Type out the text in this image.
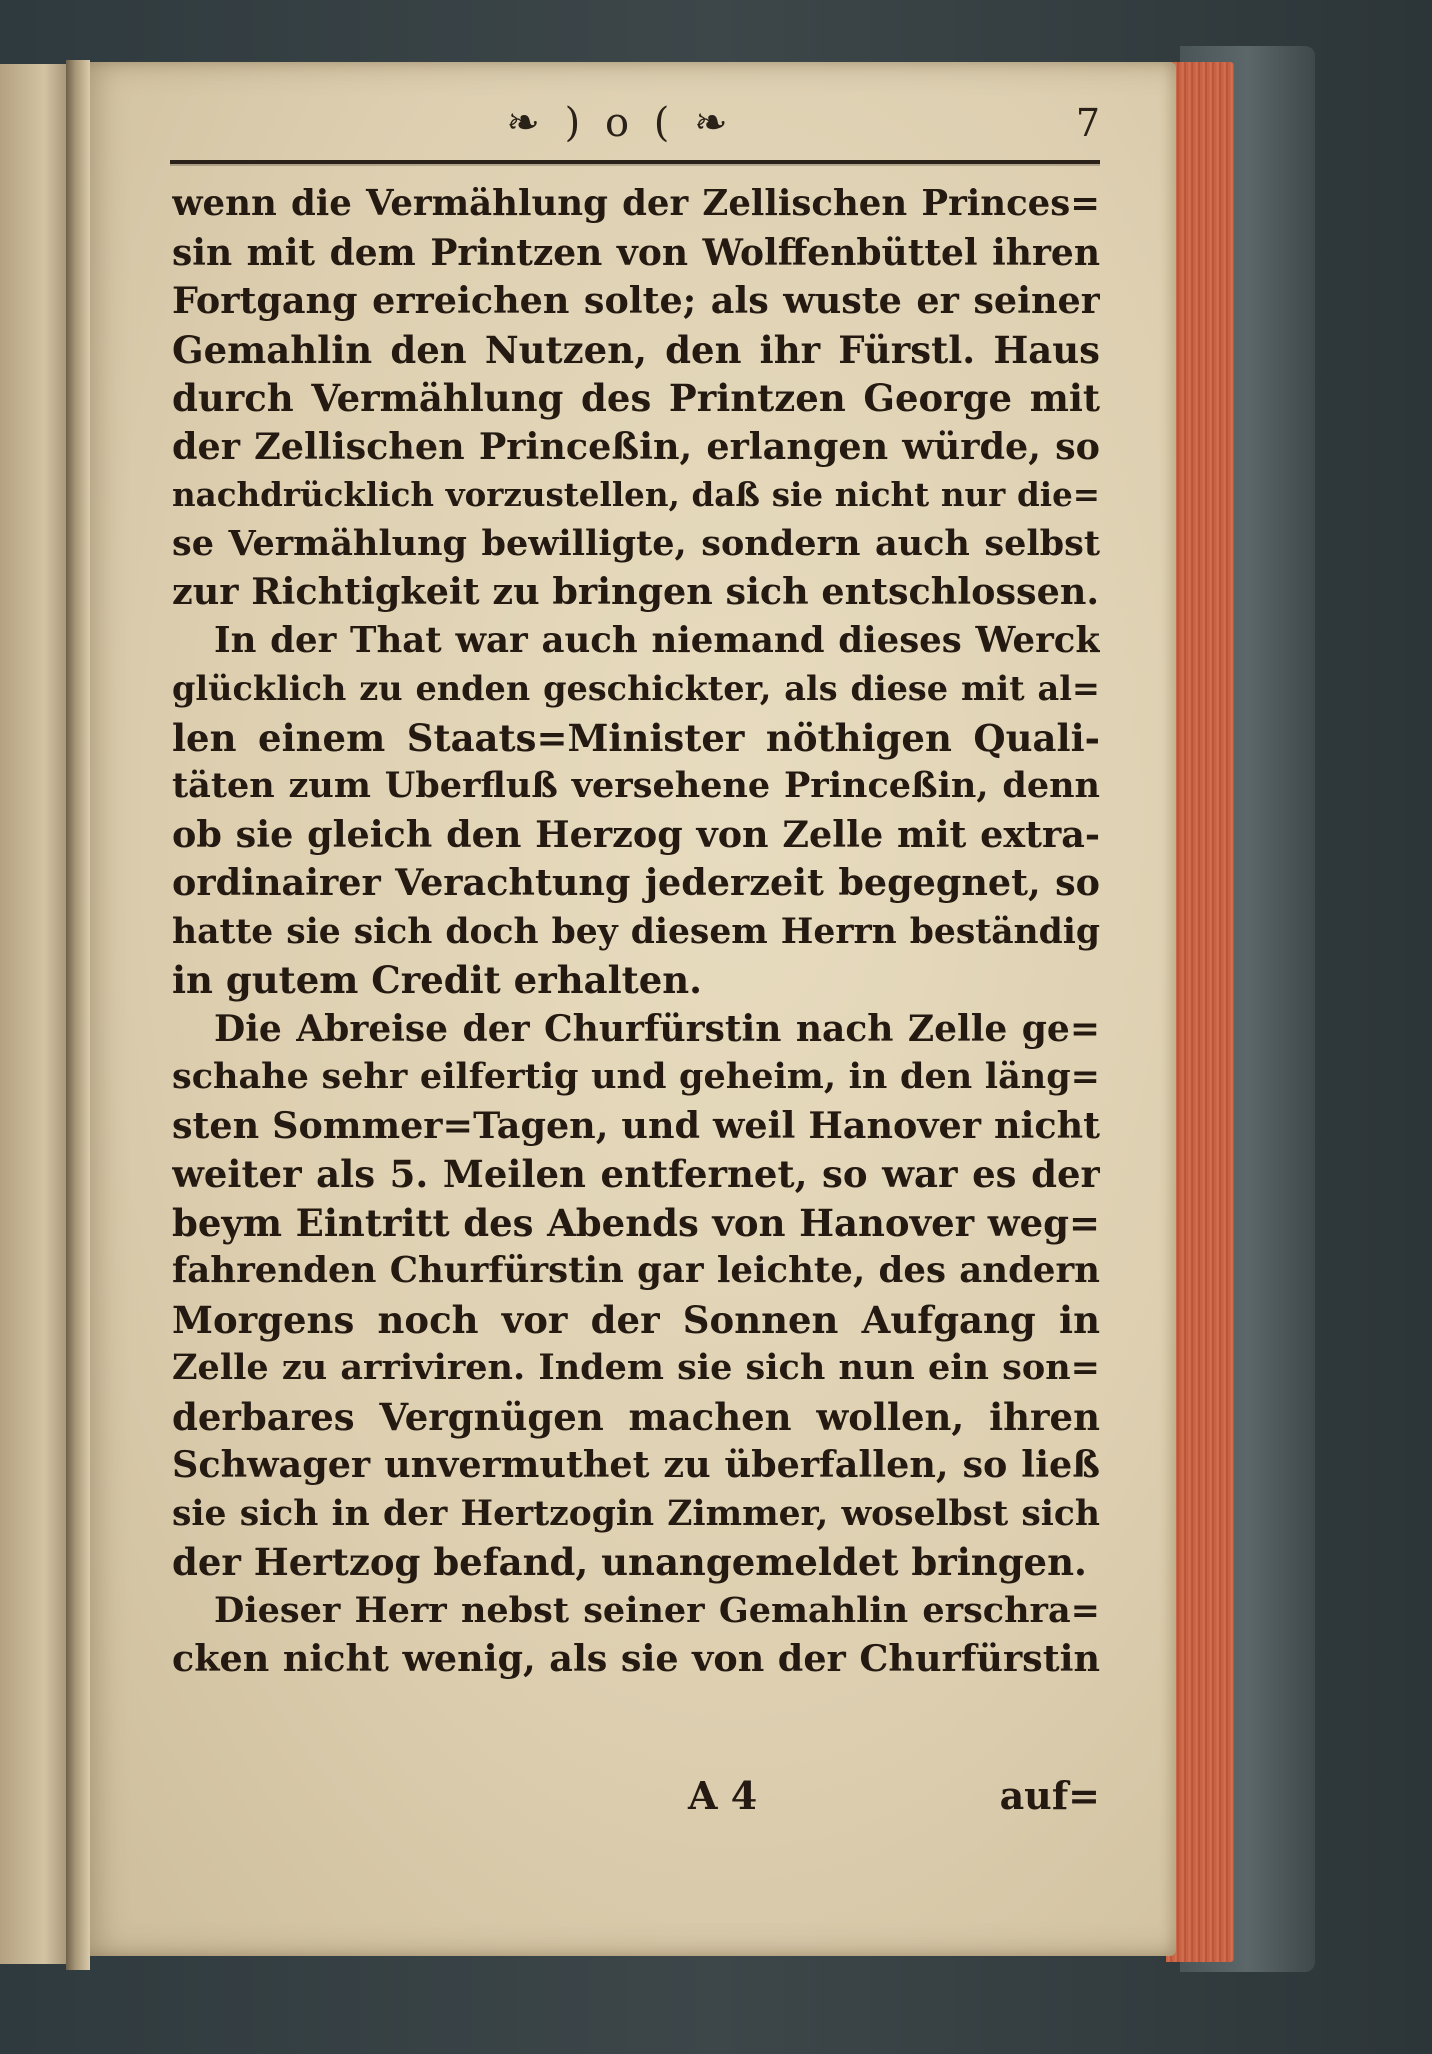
❧ ) o ( ❧	7
wenn die Vermählung der Zellischen Princes=
sin mit dem Printzen von Wolffenbüttel ihren
Fortgang erreichen solte; als wuste er seiner
Gemahlin den Nutzen, den ihr Fürstl. Haus
durch Vermählung des Printzen George mit
der Zellischen Princeßin, erlangen würde, so
nachdrücklich vorzustellen, daß sie nicht nur die=
se Vermählung bewilligte, sondern auch selbst
zur Richtigkeit zu bringen sich entschlossen.
In der That war auch niemand dieses Werck
glücklich zu enden geschickter, als diese mit al=
len einem Staats=Minister nöthigen Quali-
täten zum Uberfluß versehene Princeßin, denn
ob sie gleich den Herzog von Zelle mit extra-
ordinairer Verachtung jederzeit begegnet, so
hatte sie sich doch bey diesem Herrn beständig
in gutem Credit erhalten.
Die Abreise der Churfürstin nach Zelle ge=
schahe sehr eilfertig und geheim, in den läng=
sten Sommer=Tagen, und weil Hanover nicht
weiter als 5. Meilen entfernet, so war es der
beym Eintritt des Abends von Hanover weg=
fahrenden Churfürstin gar leichte, des andern
Morgens noch vor der Sonnen Aufgang in
Zelle zu arriviren. Indem sie sich nun ein son=
derbares Vergnügen machen wollen, ihren
Schwager unvermuthet zu überfallen, so ließ
sie sich in der Hertzogin Zimmer, woselbst sich
der Hertzog befand, unangemeldet bringen.
Dieser Herr nebst seiner Gemahlin erschra=
cken nicht wenig, als sie von der Churfürstin
A 4	auf=
